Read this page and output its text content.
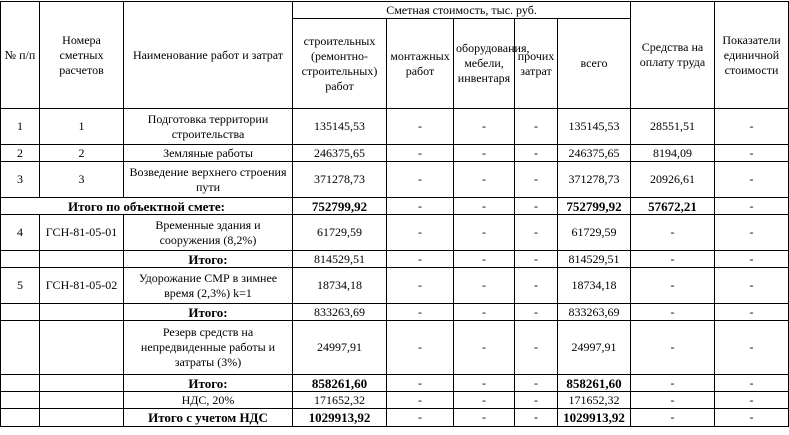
№ п/п	Номера сметных расчетов	Наименование работ и затрат	Сметная стоимость, тыс. руб.					Средства на оплату труда	Показатели единичной стоимости
			строительных (ремонтно-строительных) работ	монтажных работ	оборудования, мебели, инвентаря	прочих затрат	всего		
1	1	Подготовка территории строительства	135145,53	-	-	-	135145,53	28551,51	-
2	2	Земляные работы	246375,65	-	-	-	246375,65	8194,09	-
3	3	Возведение верхнего строения пути	371278,73	-	-	-	371278,73	20926,61	-
Итого по объектной смете:			752799,92	-	-	-	752799,92	57672,21	-
4	ГСН-81-05-01	Временные здания и сооружения (8,2%)	61729,59	-	-	-	61729,59	-	-
		Итого:	814529,51	-	-	-	814529,51	-	-
5	ГСН-81-05-02	Удорожание СМР в зимнее время (2,3%) k=1	18734,18	-	-	-	18734,18	-	-
		Итого:	833263,69	-	-	-	833263,69	-	-
		Резерв средств на непредвиденные работы и затраты (3%)	24997,91	-	-	-	24997,91	-	-
		Итого:	858261,60	-	-	-	858261,60	-	-
		НДС, 20%	171652,32	-	-	-	171652,32	-	-
		Итого с учетом НДС	1029913,92	-	-	-	1029913,92	-	-
